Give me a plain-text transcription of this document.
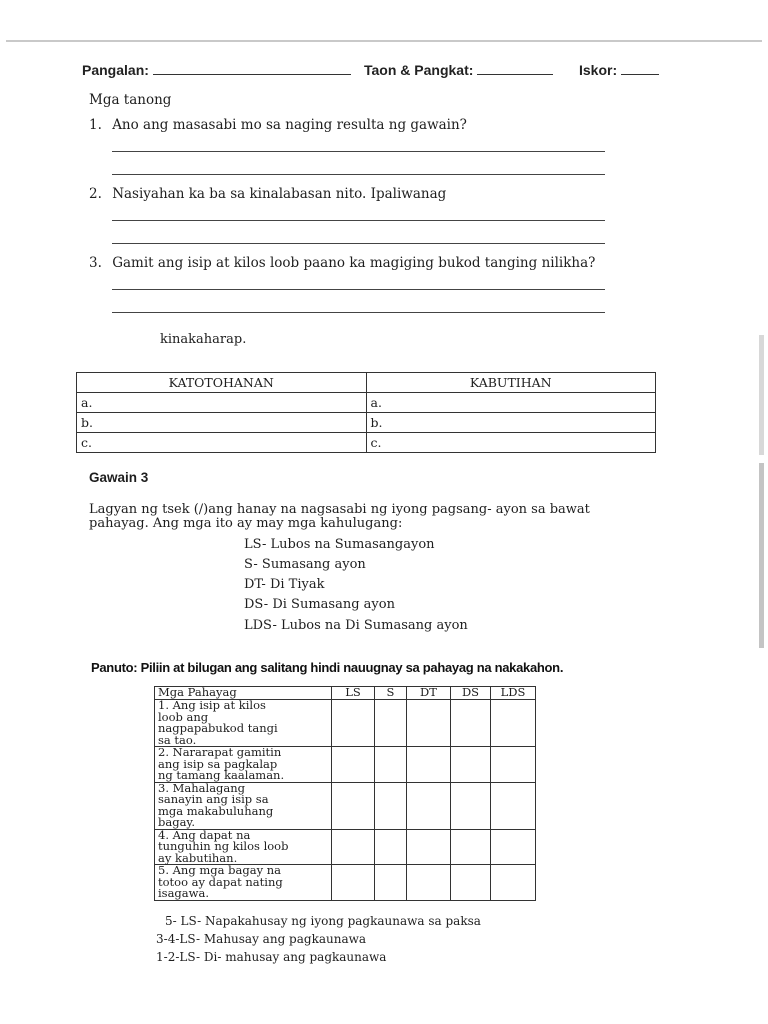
Pangalan:	Taon & Pangkat:	Iskor:
Mga tanong
1. Ano ang masasabi mo sa naging resulta ng gawain?
2. Nasiyahan ka ba sa kinalabasan nito. Ipaliwanag
3. Gamit ang isip at kilos loob paano ka magiging bukod tanging nilikha?
kinakaharap.
KATOTOHANAN	KABUTIHAN
a.	a.
b.	b.
c.	c.
Gawain 3
Lagyan ng tsek (/)ang hanay na nagsasabi ng iyong pagsang- ayon sa bawat
pahayag. Ang mga ito ay may mga kahulugang:
LS- Lubos na Sumasangayon
S- Sumasang ayon
DT- Di Tiyak
DS- Di Sumasang ayon
LDS- Lubos na Di Sumasang ayon
Panuto: Piliin at bilugan ang salitang hindi nauugnay sa pahayag na nakakahon.
Mga Pahayag	LS	S	DT	DS	LDS

1. Ang isip at kilos
loob ang
nagpapabukod tangi
sa tao.					

2. Nararapat gamitin
ang isip sa pagkalap
ng tamang kaalaman.					

3. Mahalagang
sanayin ang isip sa
mga makabuluhang
bagay.					

4. Ang dapat na
tunguhin ng kilos loob
ay kabutihan.					

5. Ang mga bagay na
totoo ay dapat nating
isagawa.					

5- LS- Napakahusay ng iyong pagkaunawa sa paksa
3-4-LS- Mahusay ang pagkaunawa
1-2-LS- Di- mahusay ang pagkaunawa
